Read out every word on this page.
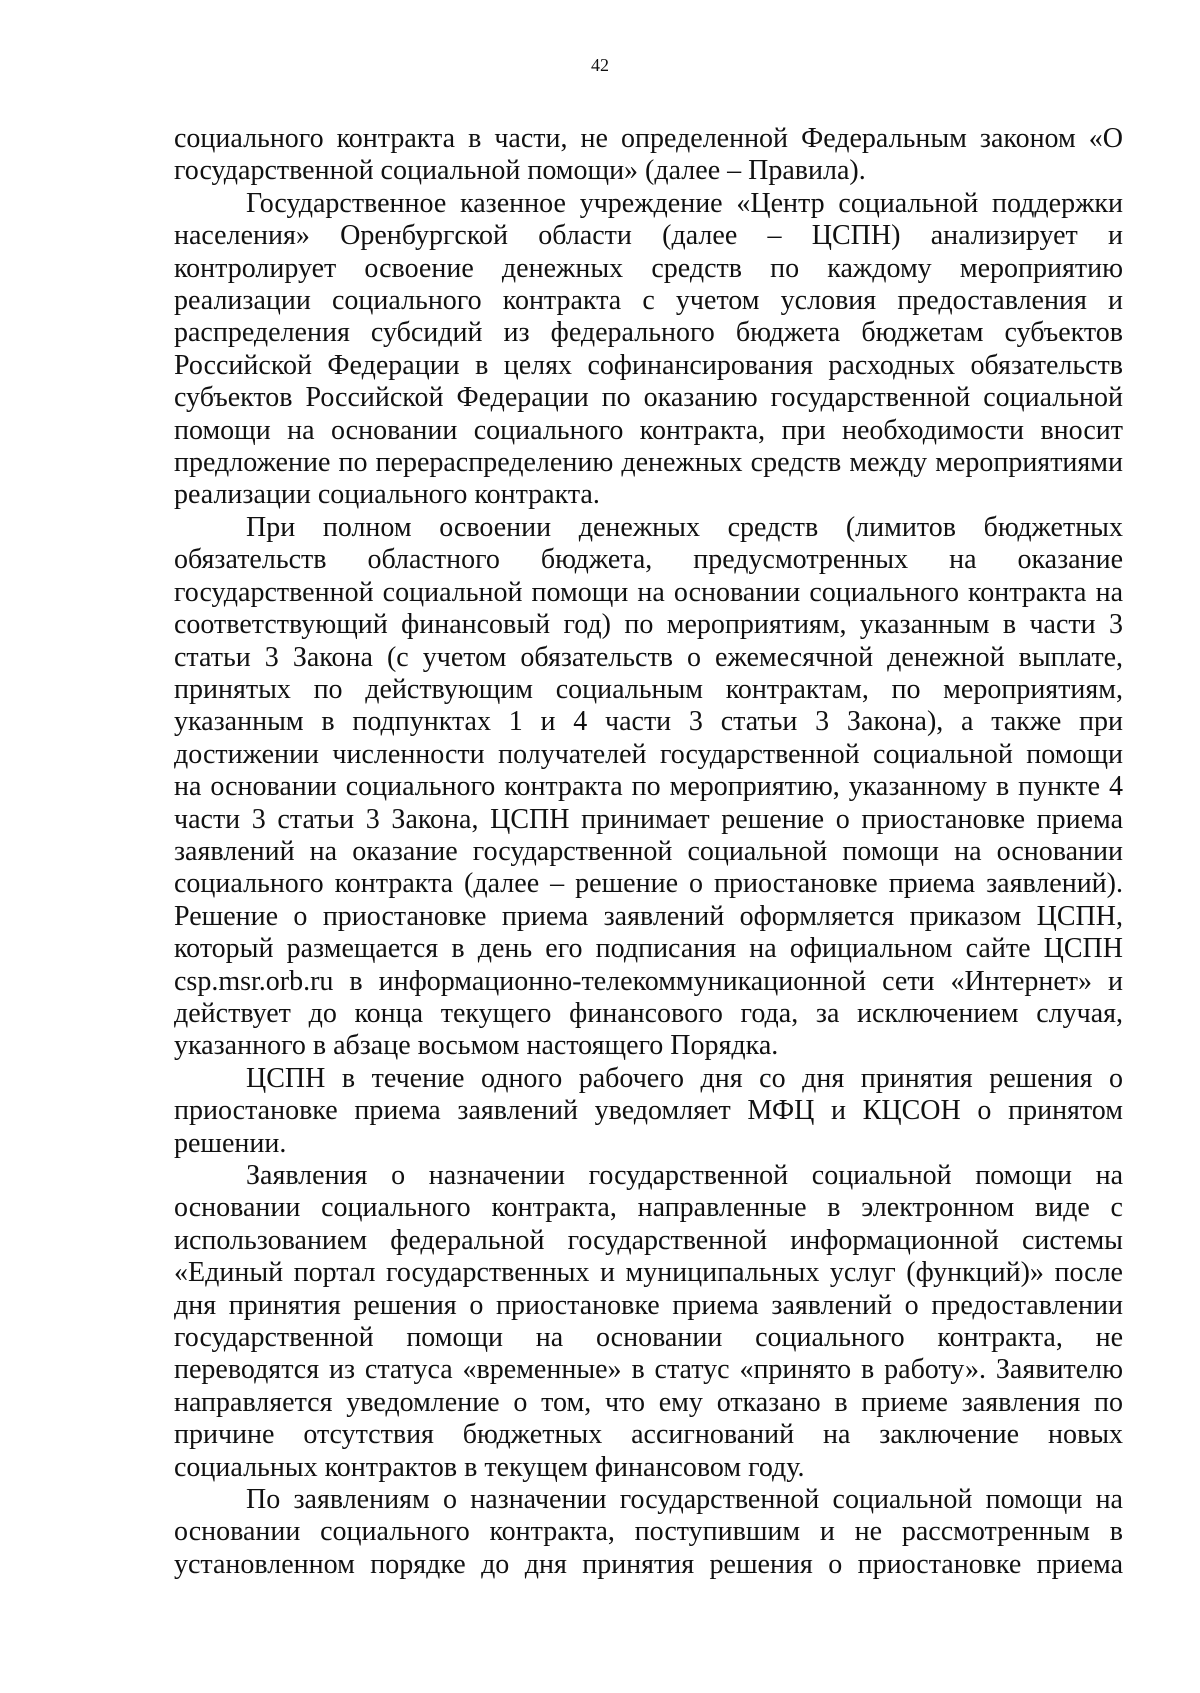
42
социального контракта в части, не определенной Федеральным законом «О
государственной социальной помощи» (далее – Правила).
Государственное казенное учреждение «Центр социальной поддержки
населения» Оренбургской области (далее – ЦСПН) анализирует и
контролирует освоение денежных средств по каждому мероприятию
реализации социального контракта с учетом условия предоставления и
распределения субсидий из федерального бюджета бюджетам субъектов
Российской Федерации в целях софинансирования расходных обязательств
субъектов Российской Федерации по оказанию государственной социальной
помощи на основании социального контракта, при необходимости вносит
предложение по перераспределению денежных средств между мероприятиями
реализации социального контракта.
При полном освоении денежных средств (лимитов бюджетных
обязательств областного бюджета, предусмотренных на оказание
государственной социальной помощи на основании социального контракта на
соответствующий финансовый год) по мероприятиям, указанным в части 3
статьи 3 Закона (с учетом обязательств о ежемесячной денежной выплате,
принятых по действующим социальным контрактам, по мероприятиям,
указанным в подпунктах 1 и 4 части 3 статьи 3 Закона), а также при
достижении численности получателей государственной социальной помощи
на основании социального контракта по мероприятию, указанному в пункте 4
части 3 статьи 3 Закона, ЦСПН принимает решение о приостановке приема
заявлений на оказание государственной социальной помощи на основании
социального контракта (далее – решение о приостановке приема заявлений).
Решение о приостановке приема заявлений оформляется приказом ЦСПН,
который размещается в день его подписания на официальном сайте ЦСПН
csp.msr.orb.ru в информационно-телекоммуникационной сети «Интернет» и
действует до конца текущего финансового года, за исключением случая,
указанного в абзаце восьмом настоящего Порядка.
ЦСПН в течение одного рабочего дня со дня принятия решения о
приостановке приема заявлений уведомляет МФЦ и КЦСОН о принятом
решении.
Заявления о назначении государственной социальной помощи на
основании социального контракта, направленные в электронном виде с
использованием федеральной государственной информационной системы
«Единый портал государственных и муниципальных услуг (функций)» после
дня принятия решения о приостановке приема заявлений о предоставлении
государственной помощи на основании социального контракта, не
переводятся из статуса «временные» в статус «принято в работу». Заявителю
направляется уведомление о том, что ему отказано в приеме заявления по
причине отсутствия бюджетных ассигнований на заключение новых
социальных контрактов в текущем финансовом году.
По заявлениям о назначении государственной социальной помощи на
основании социального контракта, поступившим и не рассмотренным в
установленном порядке до дня принятия решения о приостановке приема
